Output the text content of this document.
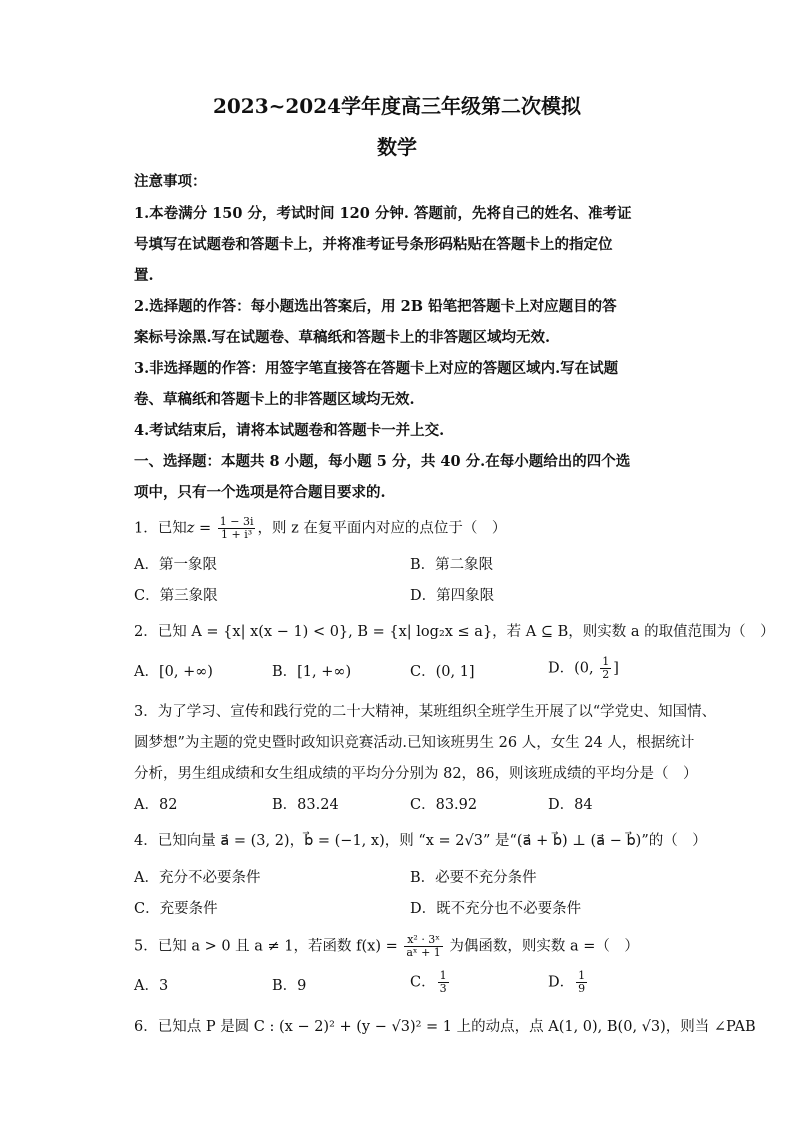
2023~2024学年度高三年级第二次模拟
数学
注意事项：
1.本卷满分 150 分，考试时间 120 分钟. 答题前，先将自己的姓名、准考证
号填写在试题卷和答题卡上，并将准考证号条形码粘贴在答题卡上的指定位
置.
2.选择题的作答：每小题选出答案后，用 2B 铅笔把答题卡上对应题目的答
案标号涂黑.写在试题卷、草稿纸和答题卡上的非答题区域均无效.
3.非选择题的作答：用签字笔直接答在答题卡上对应的答题区域内.写在试题
卷、草稿纸和答题卡上的非答题区域均无效.
4.考试结束后，请将本试题卷和答题卡一并上交.
一、选择题：本题共 8 小题，每小题 5 分，共 40 分.在每小题给出的四个选
项中，只有一个选项是符合题目要求的.
1．已知$z = \frac{1 - 3i}{\text{1 + i³}}$ ，则 z 在复平面内对应的点位于（　）
A．第一象限	B．第二象限
C．第三象限	D．第四象限
2．已知 A = {x| x(x − 1) < 0}, B = {x| log₂x ≤ a}，若 A ⊆ B，则实数 a 的取值范围为（　）
A．[0, +∞)	B．[1, +∞)	C．(0, 1]	D．(0, $\frac{1}{2}$ ]
3．为了学习、宣传和践行党的二十大精神，某班组织全班学生开展了以“学党史、知国情、
圆梦想”为主题的党史暨时政知识竞赛活动.已知该班男生 26 人，女生 24 人，根据统计
分析，男生组成绩和女生组成绩的平均分分别为 82，86，则该班成绩的平均分是（　）
A．82	B．83.24	C．83.92	D．84
4．已知向量 a⃗ = (3, 2)，b⃗ = (−1, x)，则 “x = 2√3” 是“(a⃗ + b⃗) ⊥ (a⃗ − b⃗)”的（　）
A．充分不必要条件	B．必要不充分条件
C．充要条件	D．既不充分也不必要条件
5．已知 a > 0 且 a ≠ 1，若函数 $f(x) = \frac{\text{x² · 3ˣ}}{\text{aˣ + 1}}$ 为偶函数，则实数 a =（　）
A．3	B．9	C． $\frac{1}{3}$	D． $\frac{1}{9}$
6．已知点 P 是圆 C : (x − 2)² + (y − √3)² = 1 上的动点，点 A(1, 0), B(0, √3)，则当 ∠PAB
